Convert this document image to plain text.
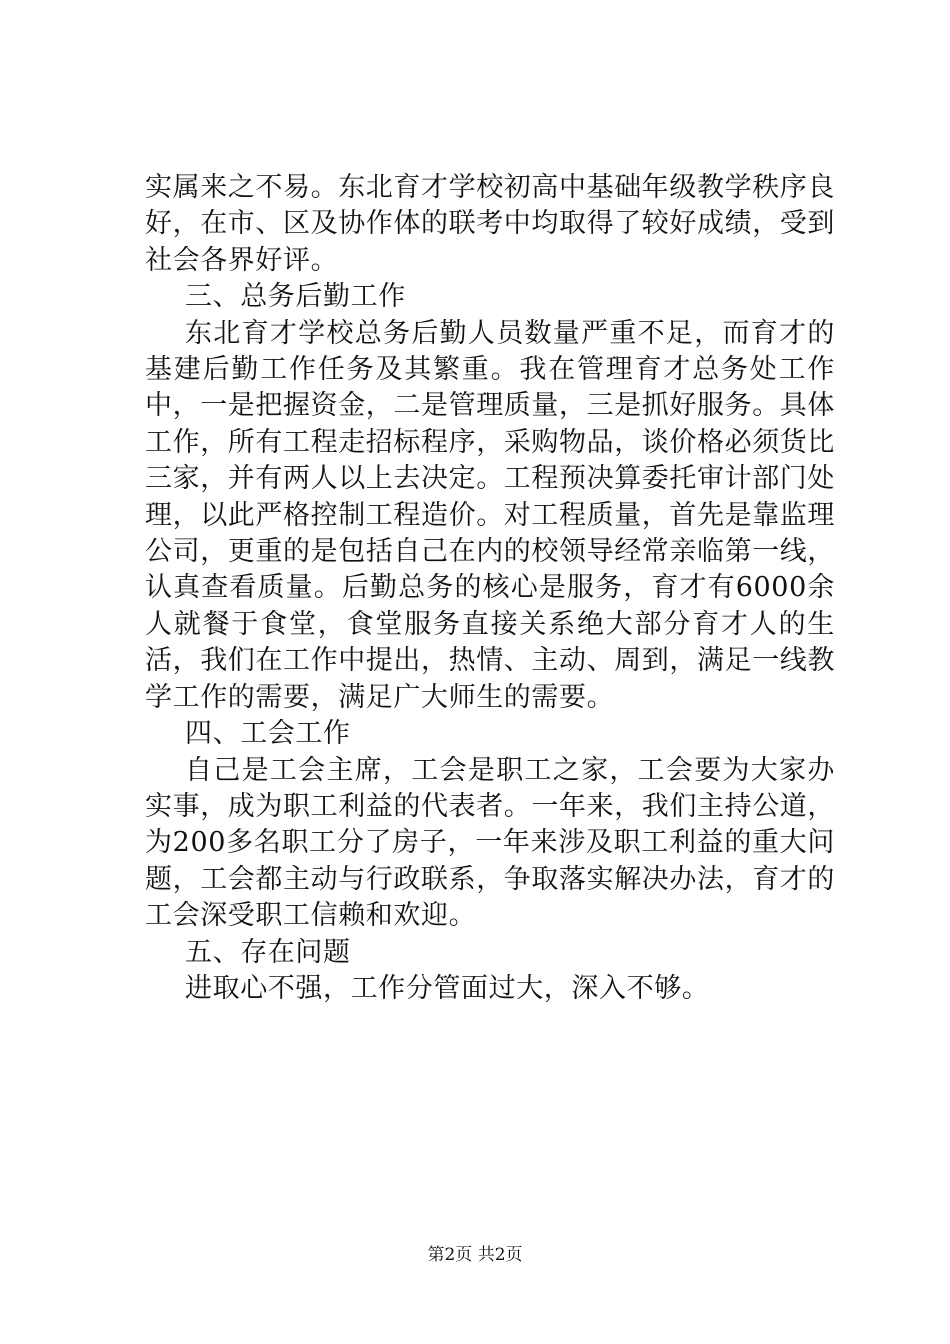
实属来之不易。东北育才学校初高中基础年级教学秩序良好，在市、区及协作体的联考中均取得了较好成绩，受到社会各界好评。

三、总务后勤工作

东北育才学校总务后勤人员数量严重不足，而育才的基建后勤工作任务及其繁重。我在管理育才总务处工作中，一是把握资金，二是管理质量，三是抓好服务。具体工作，所有工程走招标程序，采购物品，谈价格必须货比三家，并有两人以上去决定。工程预决算委托审计部门处理，以此严格控制工程造价。对工程质量，首先是靠监理公司，更重的是包括自己在内的校领导经常亲临第一线，认真查看质量。后勤总务的核心是服务，育才有6000余人就餐于食堂，食堂服务直接关系绝大部分育才人的生活，我们在工作中提出，热情、主动、周到，满足一线教学工作的需要，满足广大师生的需要。

四、工会工作

自己是工会主席，工会是职工之家，工会要为大家办实事，成为职工利益的代表者。一年来，我们主持公道，为200多名职工分了房子，一年来涉及职工利益的重大问题，工会都主动与行政联系，争取落实解决办法，育才的工会深受职工信赖和欢迎。

五、存在问题

进取心不强，工作分管面过大，深入不够。

第2页 共2页
